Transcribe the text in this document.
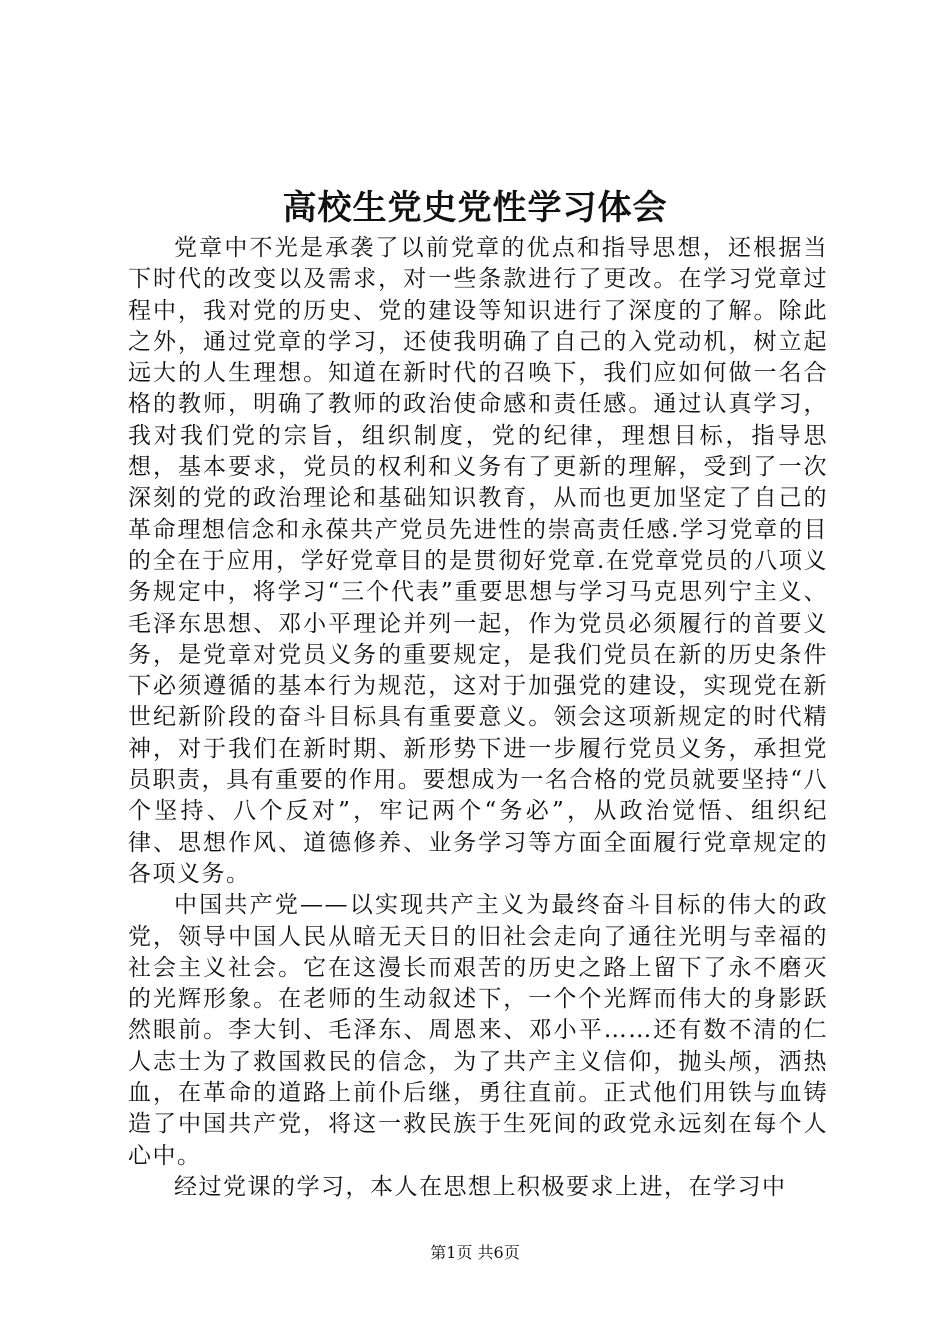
高校生党史党性学习体会

党章中不光是承袭了以前党章的优点和指导思想，还根据当下时代的改变以及需求，对一些条款进行了更改。在学习党章过程中，我对党的历史、党的建设等知识进行了深度的了解。除此之外，通过党章的学习，还使我明确了自己的入党动机，树立起远大的人生理想。知道在新时代的召唤下，我们应如何做一名合格的教师，明确了教师的政治使命感和责任感。通过认真学习，我对我们党的宗旨，组织制度，党的纪律，理想目标，指导思想，基本要求，党员的权利和义务有了更新的理解，受到了一次深刻的党的政治理论和基础知识教育，从而也更加坚定了自己的革命理想信念和永葆共产党员先进性的崇高责任感.学习党章的目的全在于应用，学好党章目的是贯彻好党章.在党章党员的八项义务规定中，将学习“三个代表”重要思想与学习马克思列宁主义、毛泽东思想、邓小平理论并列一起，作为党员必须履行的首要义务，是党章对党员义务的重要规定，是我们党员在新的历史条件下必须遵循的基本行为规范，这对于加强党的建设，实现党在新世纪新阶段的奋斗目标具有重要意义。领会这项新规定的时代精神，对于我们在新时期、新形势下进一步履行党员义务，承担党员职责，具有重要的作用。要想成为一名合格的党员就要坚持“八个坚持、八个反对”，牢记两个“务必”，从政治觉悟、组织纪律、思想作风、道德修养、业务学习等方面全面履行党章规定的各项义务。

中国共产党——以实现共产主义为最终奋斗目标的伟大的政党，领导中国人民从暗无天日的旧社会走向了通往光明与幸福的社会主义社会。它在这漫长而艰苦的历史之路上留下了永不磨灭的光辉形象。在老师的生动叙述下，一个个光辉而伟大的身影跃然眼前。李大钊、毛泽东、周恩来、邓小平……还有数不清的仁人志士为了救国救民的信念，为了共产主义信仰，抛头颅，洒热血，在革命的道路上前仆后继，勇往直前。正式他们用铁与血铸造了中国共产党，将这一救民族于生死间的政党永远刻在每个人心中。

经过党课的学习，本人在思想上积极要求上进，在学习中

第1页 共6页
